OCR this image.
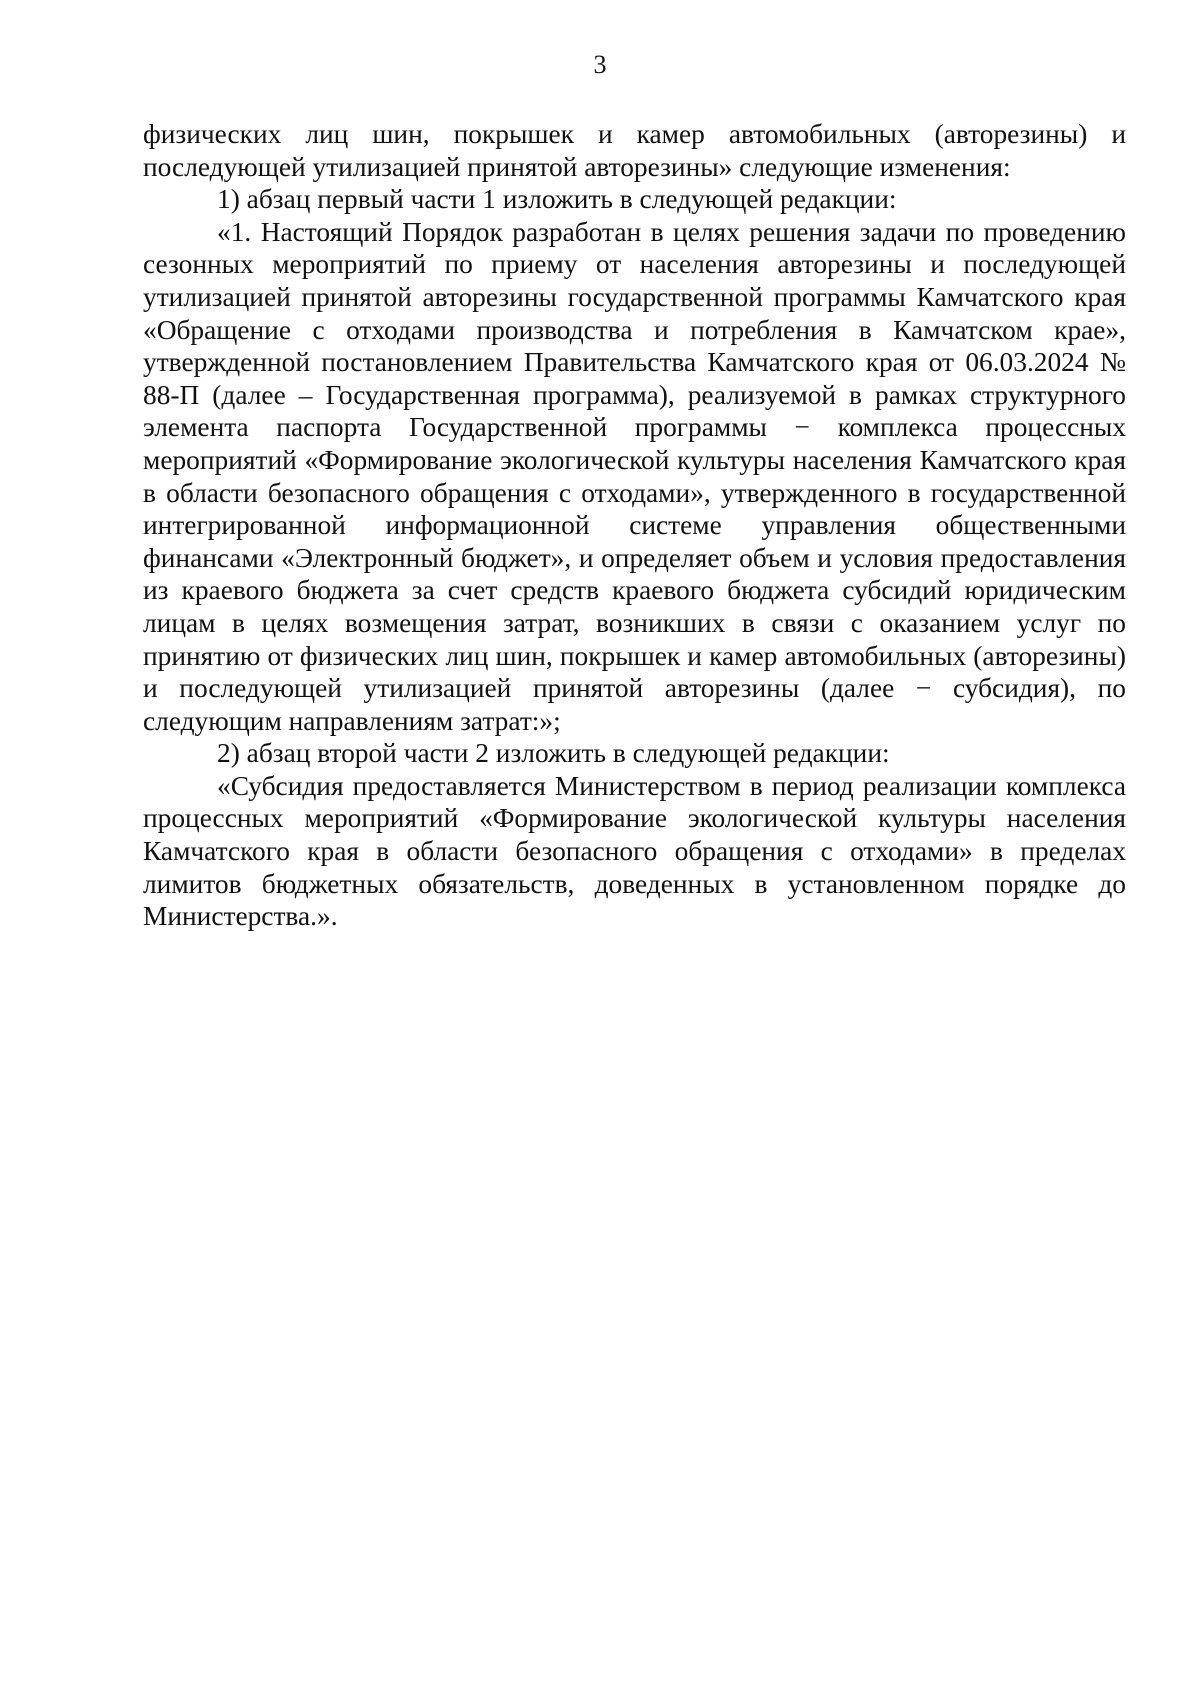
3

физических лиц шин, покрышек и камер автомобильных (авторезины) и последующей утилизацией принятой авторезины» следующие изменения:

1) абзац первый части 1 изложить в следующей редакции:

«1. Настоящий Порядок разработан в целях решения задачи по проведению сезонных мероприятий по приему от населения авторезины и последующей утилизацией принятой авторезины государственной программы Камчатского края «Обращение с отходами производства и потребления в Камчатском крае», утвержденной постановлением Правительства Камчатского края от 06.03.2024 № 88-П (далее – Государственная программа), реализуемой в рамках структурного элемента паспорта Государственной программы − комплекса процессных мероприятий «Формирование экологической культуры населения Камчатского края в области безопасного обращения с отходами», утвержденного в государственной интегрированной информационной системе управления общественными финансами «Электронный бюджет», и определяет объем и условия предоставления из краевого бюджета за счет средств краевого бюджета субсидий юридическим лицам в целях возмещения затрат, возникших в связи с оказанием услуг по принятию от физических лиц шин, покрышек и камер автомобильных (авторезины) и последующей утилизацией принятой авторезины (далее − субсидия), по следующим направлениям затрат:»;

2) абзац второй части 2 изложить в следующей редакции:

«Субсидия предоставляется Министерством в период реализации комплекса процессных мероприятий «Формирование экологической культуры населения Камчатского края в области безопасного обращения с отходами» в пределах лимитов бюджетных обязательств, доведенных в установленном порядке до Министерства.».
